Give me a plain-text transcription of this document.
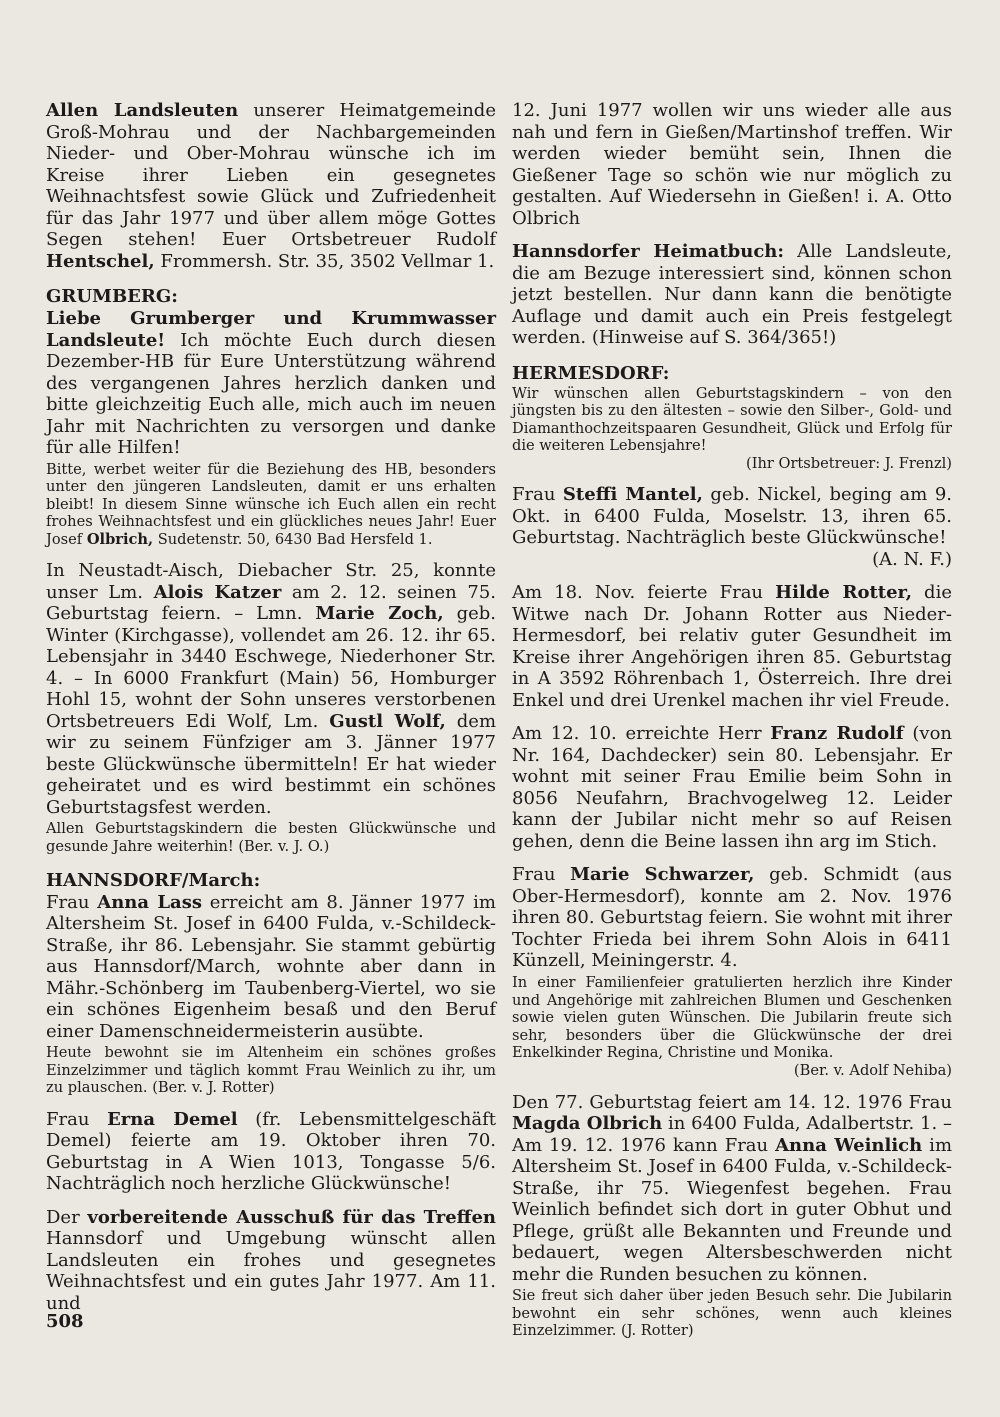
Allen Landsleuten unserer Heimatgemeinde Groß-Mohrau und der Nachbargemeinden Nieder- und Ober-Mohrau wünsche ich im Kreise ihrer Lieben ein gesegnetes Weihnachtsfest sowie Glück und Zufriedenheit für das Jahr 1977 und über allem möge Gottes Segen stehen! Euer Ortsbetreuer Rudolf Hentschel, Frommersh. Str. 35, 3502 Vellmar 1.

GRUMBERG:

Liebe Grumberger und Krummwasser Landsleute! Ich möchte Euch durch diesen Dezember-HB für Eure Unterstützung während des vergangenen Jahres herzlich danken und bitte gleichzeitig Euch alle, mich auch im neuen Jahr mit Nachrichten zu versorgen und danke für alle Hilfen!

Bitte, werbet weiter für die Beziehung des HB, besonders unter den jüngeren Landsleuten, damit er uns erhalten bleibt! In diesem Sinne wünsche ich Euch allen ein recht frohes Weihnachtsfest und ein glückliches neues Jahr! Euer Josef Olbrich, Sudetenstr. 50, 6430 Bad Hersfeld 1.

In Neustadt-Aisch, Diebacher Str. 25, konnte unser Lm. Alois Katzer am 2. 12. seinen 75. Geburtstag feiern. – Lmn. Marie Zoch, geb. Winter (Kirchgasse), vollendet am 26. 12. ihr 65. Lebensjahr in 3440 Eschwege, Niederhoner Str. 4. – In 6000 Frankfurt (Main) 56, Homburger Hohl 15, wohnt der Sohn unseres verstorbenen Ortsbetreuers Edi Wolf, Lm. Gustl Wolf, dem wir zu seinem Fünfziger am 3. Jänner 1977 beste Glückwünsche übermitteln! Er hat wieder geheiratet und es wird bestimmt ein schönes Geburtstagsfest werden.

Allen Geburtstagskindern die besten Glückwünsche und gesunde Jahre weiterhin! (Ber. v. J. O.)

HANNSDORF/March:

Frau Anna Lass erreicht am 8. Jänner 1977 im Altersheim St. Josef in 6400 Fulda, v.-Schildeck-Straße, ihr 86. Lebensjahr. Sie stammt gebürtig aus Hannsdorf/March, wohnte aber dann in Mähr.-Schönberg im Taubenberg-Viertel, wo sie ein schönes Eigenheim besaß und den Beruf einer Damenschneidermeisterin ausübte.

Heute bewohnt sie im Altenheim ein schönes großes Einzelzimmer und täglich kommt Frau Weinlich zu ihr, um zu plauschen. (Ber. v. J. Rotter)

Frau Erna Demel (fr. Lebensmittelgeschäft Demel) feierte am 19. Oktober ihren 70. Geburtstag in A Wien 1013, Tongasse 5/6. Nachträglich noch herzliche Glückwünsche!

Der vorbereitende Ausschuß für das Treffen Hannsdorf und Umgebung wünscht allen Landsleuten ein frohes und gesegnetes Weihnachtsfest und ein gutes Jahr 1977. Am 11. und

12. Juni 1977 wollen wir uns wieder alle aus nah und fern in Gießen/Martinshof treffen. Wir werden wieder bemüht sein, Ihnen die Gießener Tage so schön wie nur möglich zu gestalten. Auf Wiedersehn in Gießen! i. A. Otto Olbrich

Hannsdorfer Heimatbuch: Alle Landsleute, die am Bezuge interessiert sind, können schon jetzt bestellen. Nur dann kann die benötigte Auflage und damit auch ein Preis festgelegt werden. (Hinweise auf S. 364/365!)

HERMESDORF:

Wir wünschen allen Geburtstagskindern – von den jüngsten bis zu den ältesten – sowie den Silber-, Gold- und Diamanthochzeitspaaren Gesundheit, Glück und Erfolg für die weiteren Lebensjahre!

(Ihr Ortsbetreuer: J. Frenzl)

Frau Steffi Mantel, geb. Nickel, beging am 9. Okt. in 6400 Fulda, Moselstr. 13, ihren 65. Geburtstag. Nachträglich beste Glückwünsche!

(A. N. F.)

Am 18. Nov. feierte Frau Hilde Rotter, die Witwe nach Dr. Johann Rotter aus Nieder-Hermesdorf, bei relativ guter Gesundheit im Kreise ihrer Angehörigen ihren 85. Geburtstag in A 3592 Röhrenbach 1, Österreich. Ihre drei Enkel und drei Urenkel machen ihr viel Freude.

Am 12. 10. erreichte Herr Franz Rudolf (von Nr. 164, Dachdecker) sein 80. Lebensjahr. Er wohnt mit seiner Frau Emilie beim Sohn in 8056 Neufahrn, Brachvogelweg 12. Leider kann der Jubilar nicht mehr so auf Reisen gehen, denn die Beine lassen ihn arg im Stich.

Frau Marie Schwarzer, geb. Schmidt (aus Ober-Hermesdorf), konnte am 2. Nov. 1976 ihren 80. Geburtstag feiern. Sie wohnt mit ihrer Tochter Frieda bei ihrem Sohn Alois in 6411 Künzell, Meiningerstr. 4.

In einer Familienfeier gratulierten herzlich ihre Kinder und Angehörige mit zahlreichen Blumen und Geschenken sowie vielen guten Wünschen. Die Jubilarin freute sich sehr, besonders über die Glückwünsche der drei Enkelkinder Regina, Christine und Monika.

(Ber. v. Adolf Nehiba)

Den 77. Geburtstag feiert am 14. 12. 1976 Frau Magda Olbrich in 6400 Fulda, Adalbertstr. 1. – Am 19. 12. 1976 kann Frau Anna Weinlich im Altersheim St. Josef in 6400 Fulda, v.-Schildeck-Straße, ihr 75. Wiegenfest begehen. Frau Weinlich befindet sich dort in guter Obhut und Pflege, grüßt alle Bekannten und Freunde und bedauert, wegen Altersbeschwerden nicht mehr die Runden besuchen zu können.

Sie freut sich daher über jeden Besuch sehr. Die Jubilarin bewohnt ein sehr schönes, wenn auch kleines Einzelzimmer. (J. Rotter)

508
